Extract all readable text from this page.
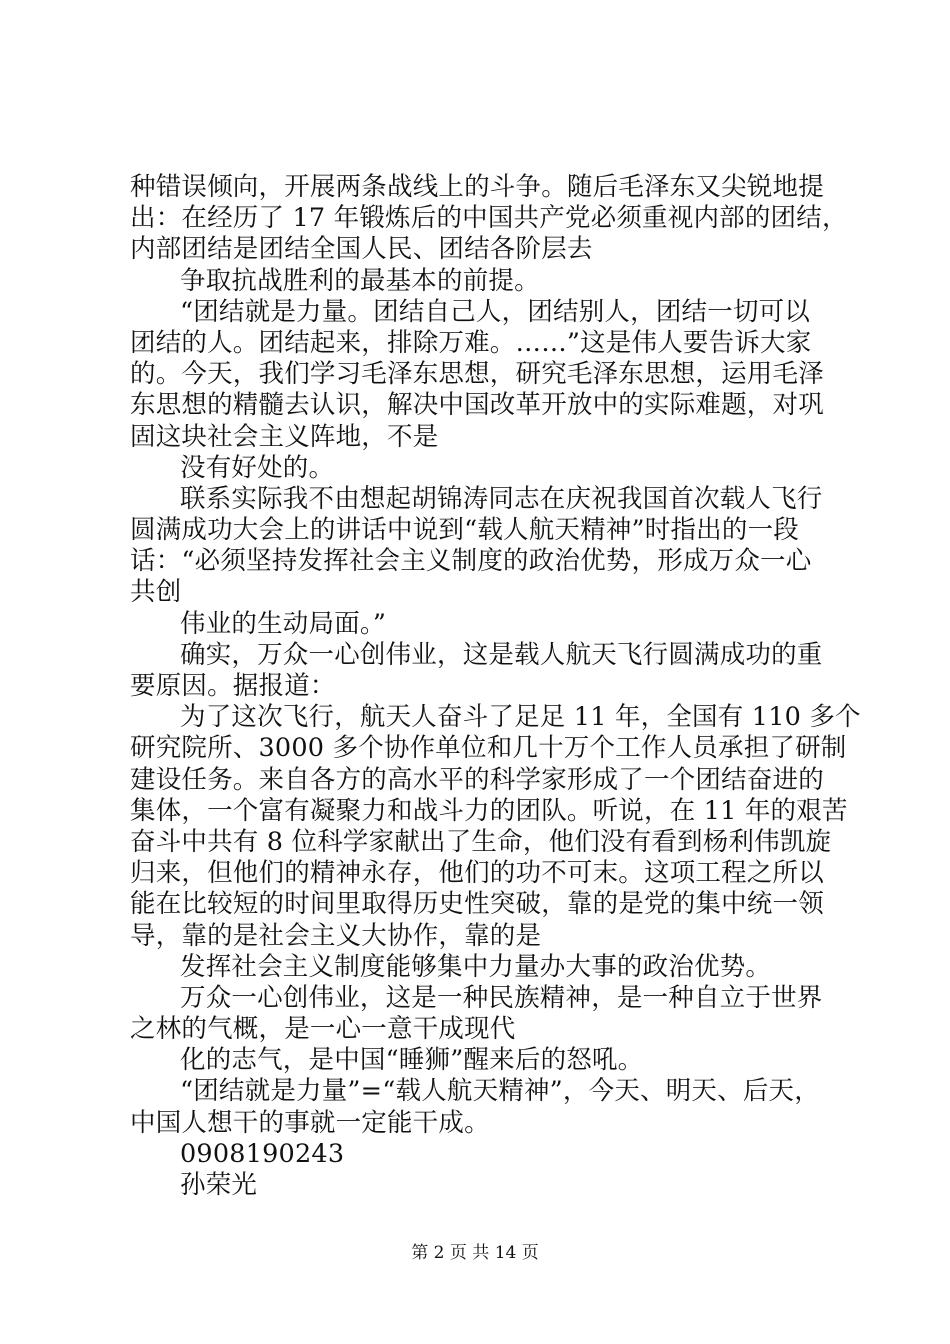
种错误倾向，开展两条战线上的斗争。随后毛泽东又尖锐地提
出：在经历了 17 年锻炼后的中国共产党必须重视内部的团结，
内部团结是团结全国人民、团结各阶层去
争取抗战胜利的最基本的前提。
“团结就是力量。团结自己人，团结别人，团结一切可以
团结的人。团结起来，排除万难。……”这是伟人要告诉大家
的。今天，我们学习毛泽东思想，研究毛泽东思想，运用毛泽
东思想的精髓去认识，解决中国改革开放中的实际难题，对巩
固这块社会主义阵地，不是
没有好处的。
联系实际我不由想起胡锦涛同志在庆祝我国首次载人飞行
圆满成功大会上的讲话中说到“载人航天精神”时指出的一段
话：“必须坚持发挥社会主义制度的政治优势，形成万众一心
共创
伟业的生动局面。”
确实，万众一心创伟业，这是载人航天飞行圆满成功的重
要原因。据报道：
为了这次飞行，航天人奋斗了足足 11 年，全国有 110 多个
研究院所、3000 多个协作单位和几十万个工作人员承担了研制
建设任务。来自各方的高水平的科学家形成了一个团结奋进的
集体，一个富有凝聚力和战斗力的团队。听说，在 11 年的艰苦
奋斗中共有 8 位科学家献出了生命，他们没有看到杨利伟凯旋
归来，但他们的精神永存，他们的功不可末。这项工程之所以
能在比较短的时间里取得历史性突破，靠的是党的集中统一领
导，靠的是社会主义大协作，靠的是
发挥社会主义制度能够集中力量办大事的政治优势。
万众一心创伟业，这是一种民族精神，是一种自立于世界
之林的气概，是一心一意干成现代
化的志气，是中国“睡狮”醒来后的怒吼。
“团结就是力量”=“载人航天精神”，今天、明天、后天，
中国人想干的事就一定能干成。
0908190243
孙荣光
第 2 页 共 14 页
